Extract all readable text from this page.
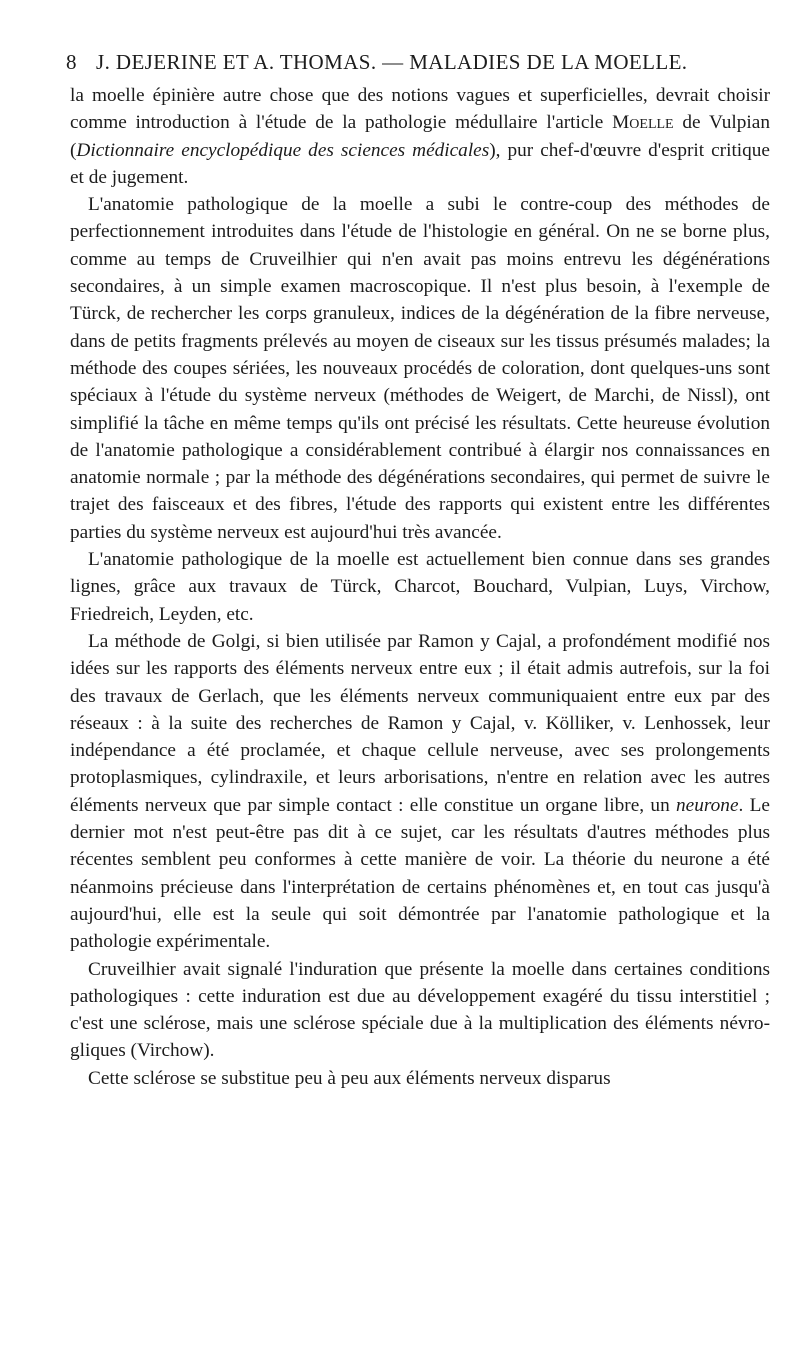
8 J. DEJERINE ET A. THOMAS. — MALADIES DE LA MOELLE.

la moelle épinière autre chose que des notions vagues et superficielles, devrait choisir comme introduction à l'étude de la pathologie médullaire l'article Moelle de Vulpian (Dictionnaire encyclopédique des sciences médicales), pur chef-d'œuvre d'esprit critique et de jugement.

L'anatomie pathologique de la moelle a subi le contre-coup des méthodes de perfectionnement introduites dans l'étude de l'histologie en général. On ne se borne plus, comme au temps de Cruveilhier qui n'en avait pas moins entrevu les dégénérations secondaires, à un simple examen macroscopique. Il n'est plus besoin, à l'exemple de Türck, de rechercher les corps granuleux, indices de la dégénération de la fibre nerveuse, dans de petits fragments prélevés au moyen de ciseaux sur les tissus présumés malades; la méthode des coupes sériées, les nouveaux procédés de coloration, dont quelques-uns sont spéciaux à l'étude du système nerveux (méthodes de Weigert, de Marchi, de Nissl), ont simplifié la tâche en même temps qu'ils ont précisé les résultats. Cette heureuse évolution de l'anatomie pathologique a considérablement contribué à élargir nos connaissances en anatomie normale ; par la méthode des dégénérations secondaires, qui permet de suivre le trajet des faisceaux et des fibres, l'étude des rapports qui existent entre les différentes parties du système nerveux est aujourd'hui très avancée.

L'anatomie pathologique de la moelle est actuellement bien connue dans ses grandes lignes, grâce aux travaux de Türck, Charcot, Bouchard, Vulpian, Luys, Virchow, Friedreich, Leyden, etc.

La méthode de Golgi, si bien utilisée par Ramon y Cajal, a profondément modifié nos idées sur les rapports des éléments nerveux entre eux ; il était admis autrefois, sur la foi des travaux de Gerlach, que les éléments nerveux communiquaient entre eux par des réseaux : à la suite des recherches de Ramon y Cajal, v. Kölliker, v. Lenhossek, leur indépendance a été proclamée, et chaque cellule nerveuse, avec ses prolongements protoplasmiques, cylindraxile, et leurs arborisations, n'entre en relation avec les autres éléments nerveux que par simple contact : elle constitue un organe libre, un neurone. Le dernier mot n'est peut-être pas dit à ce sujet, car les résultats d'autres méthodes plus récentes semblent peu conformes à cette manière de voir. La théorie du neurone a été néanmoins précieuse dans l'interprétation de certains phénomènes et, en tout cas jusqu'à aujourd'hui, elle est la seule qui soit démontrée par l'anatomie pathologique et la pathologie expérimentale.

Cruveilhier avait signalé l'induration que présente la moelle dans certaines conditions pathologiques : cette induration est due au développement exagéré du tissu interstitiel ; c'est une sclérose, mais une sclérose spéciale due à la multiplication des éléments névrogliques (Virchow).

Cette sclérose se substitue peu à peu aux éléments nerveux disparus
